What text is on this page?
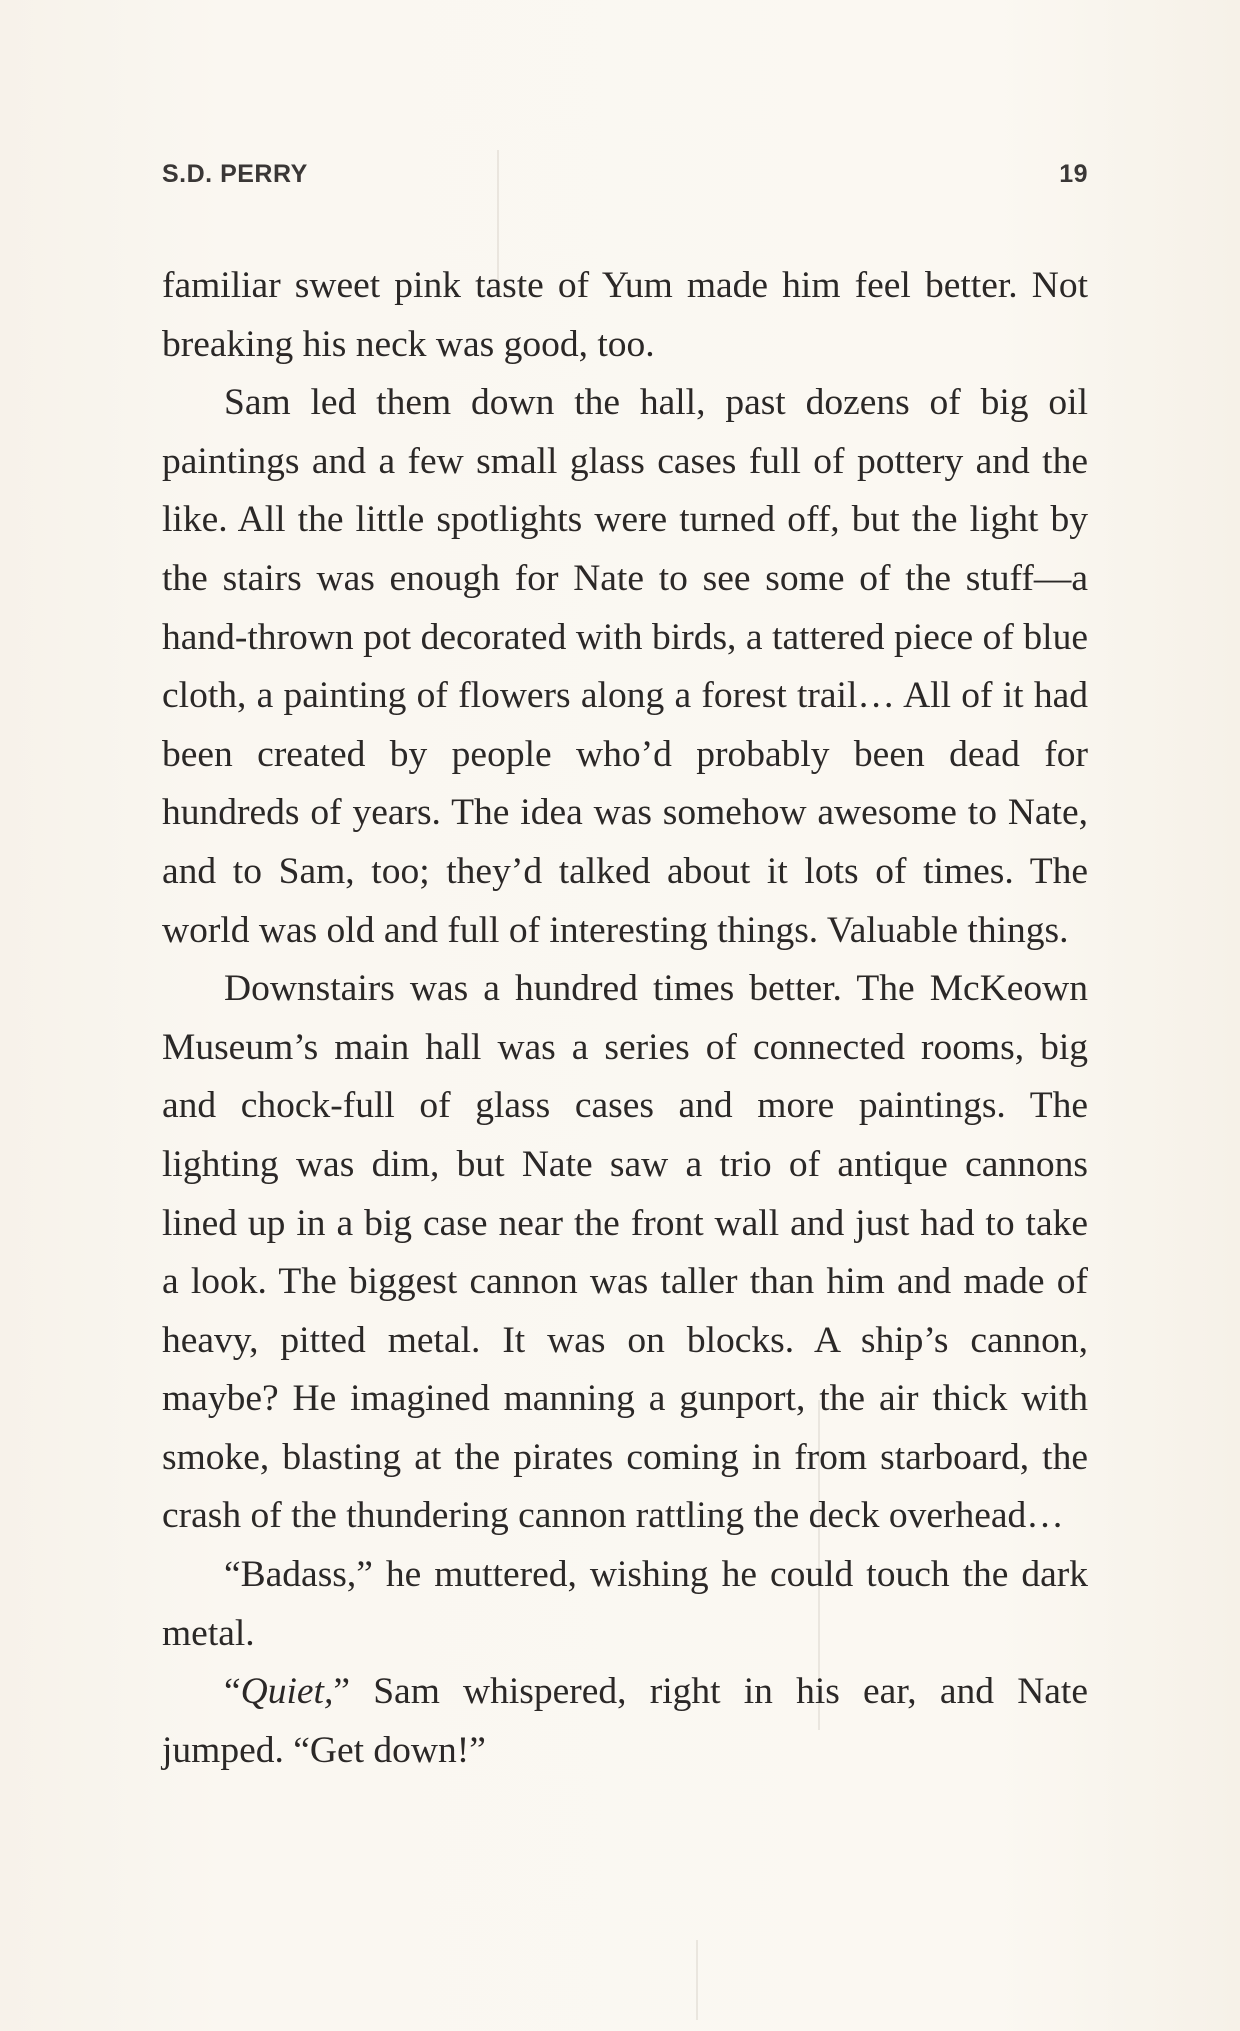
S.D. PERRY	19

familiar sweet pink taste of Yum made him feel better. Not breaking his neck was good, too.

Sam led them down the hall, past dozens of big oil paintings and a few small glass cases full of pottery and the like. All the little spotlights were turned off, but the light by the stairs was enough for Nate to see some of the stuff—a hand-thrown pot decorated with birds, a tattered piece of blue cloth, a painting of flowers along a forest trail… All of it had been created by people who’d probably been dead for hundreds of years. The idea was somehow awesome to Nate, and to Sam, too; they’d talked about it lots of times. The world was old and full of interesting things. Valuable things.

Downstairs was a hundred times better. The McKeown Museum’s main hall was a series of connected rooms, big and chock-full of glass cases and more paintings. The lighting was dim, but Nate saw a trio of antique cannons lined up in a big case near the front wall and just had to take a look. The biggest cannon was taller than him and made of heavy, pitted metal. It was on blocks. A ship’s cannon, maybe? He imagined manning a gunport, the air thick with smoke, blasting at the pirates coming in from starboard, the crash of the thundering cannon rattling the deck overhead…

“Badass,” he muttered, wishing he could touch the dark metal.

“Quiet,” Sam whispered, right in his ear, and Nate jumped. “Get down!”
